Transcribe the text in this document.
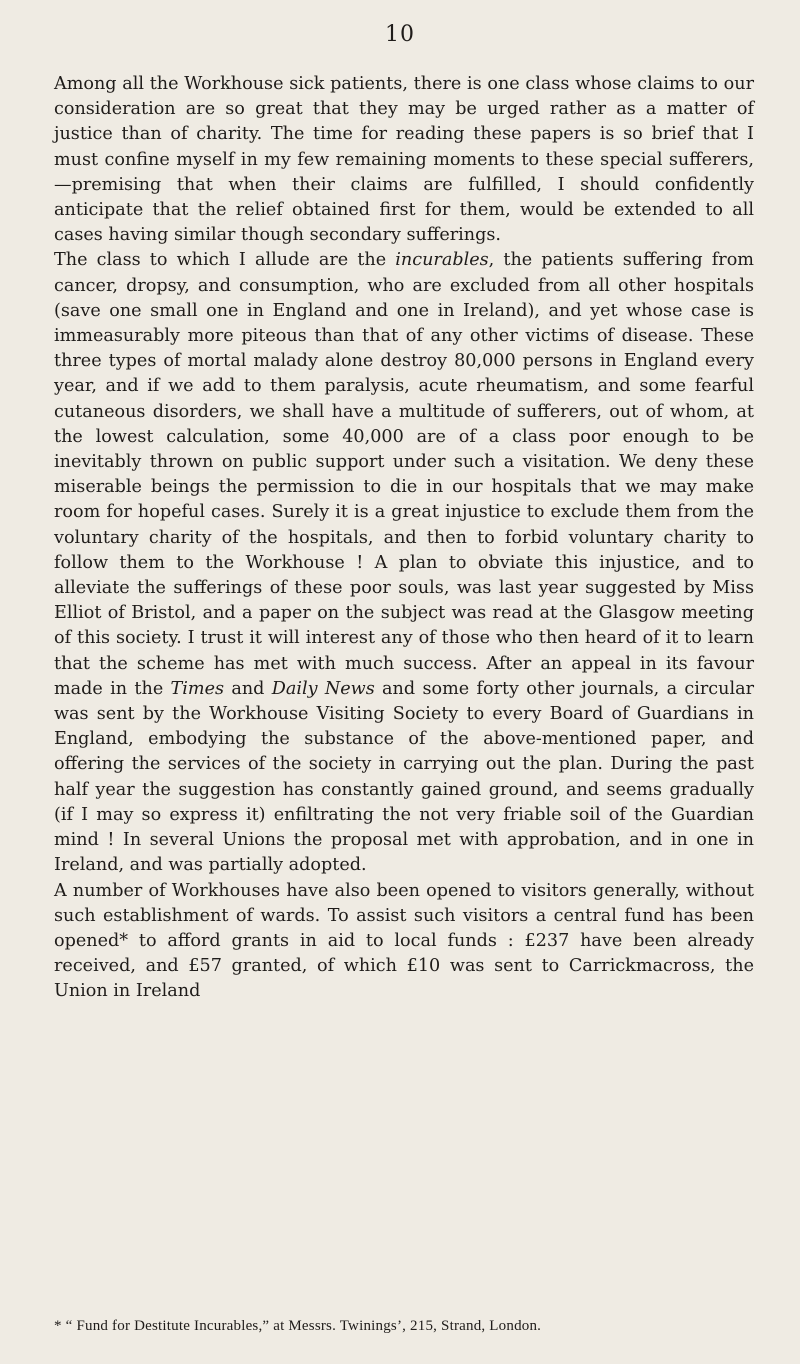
10

Among all the Workhouse sick patients, there is one class whose claims to our consideration are so great that they may be urged rather as a matter of justice than of charity. The time for reading these papers is so brief that I must confine myself in my few remaining moments to these special sufferers,—premising that when their claims are fulfilled, I should confidently anticipate that the relief obtained first for them, would be extended to all cases having similar though secondary sufferings.

The class to which I allude are the incurables, the patients suffering from cancer, dropsy, and consumption, who are excluded from all other hospitals (save one small one in England and one in Ireland), and yet whose case is immeasurably more piteous than that of any other victims of disease. These three types of mortal malady alone destroy 80,000 persons in England every year, and if we add to them paralysis, acute rheumatism, and some fearful cutaneous disorders, we shall have a multitude of sufferers, out of whom, at the lowest calculation, some 40,000 are of a class poor enough to be inevitably thrown on public support under such a visitation. We deny these miserable beings the permission to die in our hospitals that we may make room for hopeful cases. Surely it is a great injustice to exclude them from the voluntary charity of the hospitals, and then to forbid voluntary charity to follow them to the Workhouse ! A plan to obviate this injustice, and to alleviate the sufferings of these poor souls, was last year suggested by Miss Elliot of Bristol, and a paper on the subject was read at the Glasgow meeting of this society. I trust it will interest any of those who then heard of it to learn that the scheme has met with much success. After an appeal in its favour made in the Times and Daily News and some forty other journals, a circular was sent by the Workhouse Visiting Society to every Board of Guardians in England, embodying the substance of the above-mentioned paper, and offering the services of the society in carrying out the plan. During the past half year the suggestion has constantly gained ground, and seems gradually (if I may so express it) enfiltrating the not very friable soil of the Guardian mind ! In several Unions the proposal met with approbation, and in one in Ireland, and was partially adopted.

A number of Workhouses have also been opened to visitors generally, without such establishment of wards. To assist such visitors a central fund has been opened* to afford grants in aid to local funds : £237 have been already received, and £57 granted, of which £10 was sent to Carrickmacross, the Union in Ireland

* “ Fund for Destitute Incurables,” at Messrs. Twinings’, 215, Strand, London.
